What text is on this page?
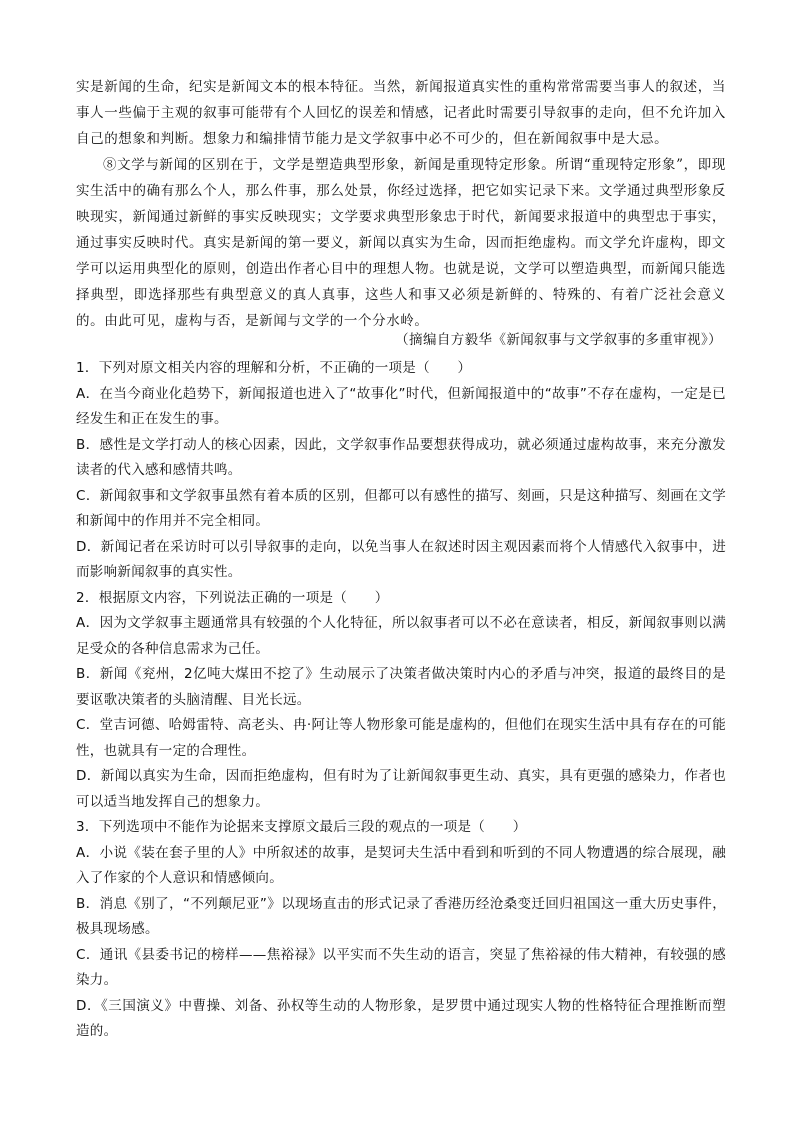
实是新闻的生命，纪实是新闻文本的根本特征。当然，新闻报道真实性的重构常常需要当事人的叙述，当事人一些偏于主观的叙事可能带有个人回忆的误差和情感，记者此时需要引导叙事的走向，但不允许加入自己的想象和判断。想象力和编排情节能力是文学叙事中必不可少的，但在新闻叙事中是大忌。

⑧文学与新闻的区别在于，文学是塑造典型形象，新闻是重现特定形象。所谓“重现特定形象”，即现实生活中的确有那么个人，那么件事，那么处景，你经过选择，把它如实记录下来。文学通过典型形象反映现实，新闻通过新鲜的事实反映现实；文学要求典型形象忠于时代，新闻要求报道中的典型忠于事实，通过事实反映时代。真实是新闻的第一要义，新闻以真实为生命，因而拒绝虚构。而文学允许虚构，即文学可以运用典型化的原则，创造出作者心目中的理想人物。也就是说，文学可以塑造典型，而新闻只能选择典型，即选择那些有典型意义的真人真事，这些人和事又必须是新鲜的、特殊的、有着广泛社会意义的。由此可见，虚构与否，是新闻与文学的一个分水岭。

（摘编自方毅华《新闻叙事与文学叙事的多重审视》）

1．下列对原文相关内容的理解和分析，不正确的一项是（　　）

A．在当今商业化趋势下，新闻报道也进入了“故事化”时代，但新闻报道中的“故事”不存在虚构，一定是已经发生和正在发生的事。

B．感性是文学打动人的核心因素，因此，文学叙事作品要想获得成功，就必须通过虚构故事，来充分激发读者的代入感和感情共鸣。

C．新闻叙事和文学叙事虽然有着本质的区别，但都可以有感性的描写、刻画，只是这种描写、刻画在文学和新闻中的作用并不完全相同。

D．新闻记者在采访时可以引导叙事的走向，以免当事人在叙述时因主观因素而将个人情感代入叙事中，进而影响新闻叙事的真实性。

2．根据原文内容，下列说法正确的一项是（　　）

A．因为文学叙事主题通常具有较强的个人化特征，所以叙事者可以不必在意读者，相反，新闻叙事则以满足受众的各种信息需求为己任。

B．新闻《兖州，2亿吨大煤田不挖了》生动展示了决策者做决策时内心的矛盾与冲突，报道的最终目的是要讴歌决策者的头脑清醒、目光长远。

C．堂吉诃德、哈姆雷特、高老头、冉·阿让等人物形象可能是虚构的，但他们在现实生活中具有存在的可能性，也就具有一定的合理性。

D．新闻以真实为生命，因而拒绝虚构，但有时为了让新闻叙事更生动、真实，具有更强的感染力，作者也可以适当地发挥自己的想象力。

3．下列选项中不能作为论据来支撑原文最后三段的观点的一项是（　　）

A．小说《装在套子里的人》中所叙述的故事，是契诃夫生活中看到和听到的不同人物遭遇的综合展现，融入了作家的个人意识和情感倾向。

B．消息《别了，“不列颠尼亚”》以现场直击的形式记录了香港历经沧桑变迁回归祖国这一重大历史事件，极具现场感。

C．通讯《县委书记的榜样——焦裕禄》以平实而不失生动的语言，突显了焦裕禄的伟大精神，有较强的感染力。

D．《三国演义》中曹操、刘备、孙权等生动的人物形象，是罗贯中通过现实人物的性格特征合理推断而塑造的。
